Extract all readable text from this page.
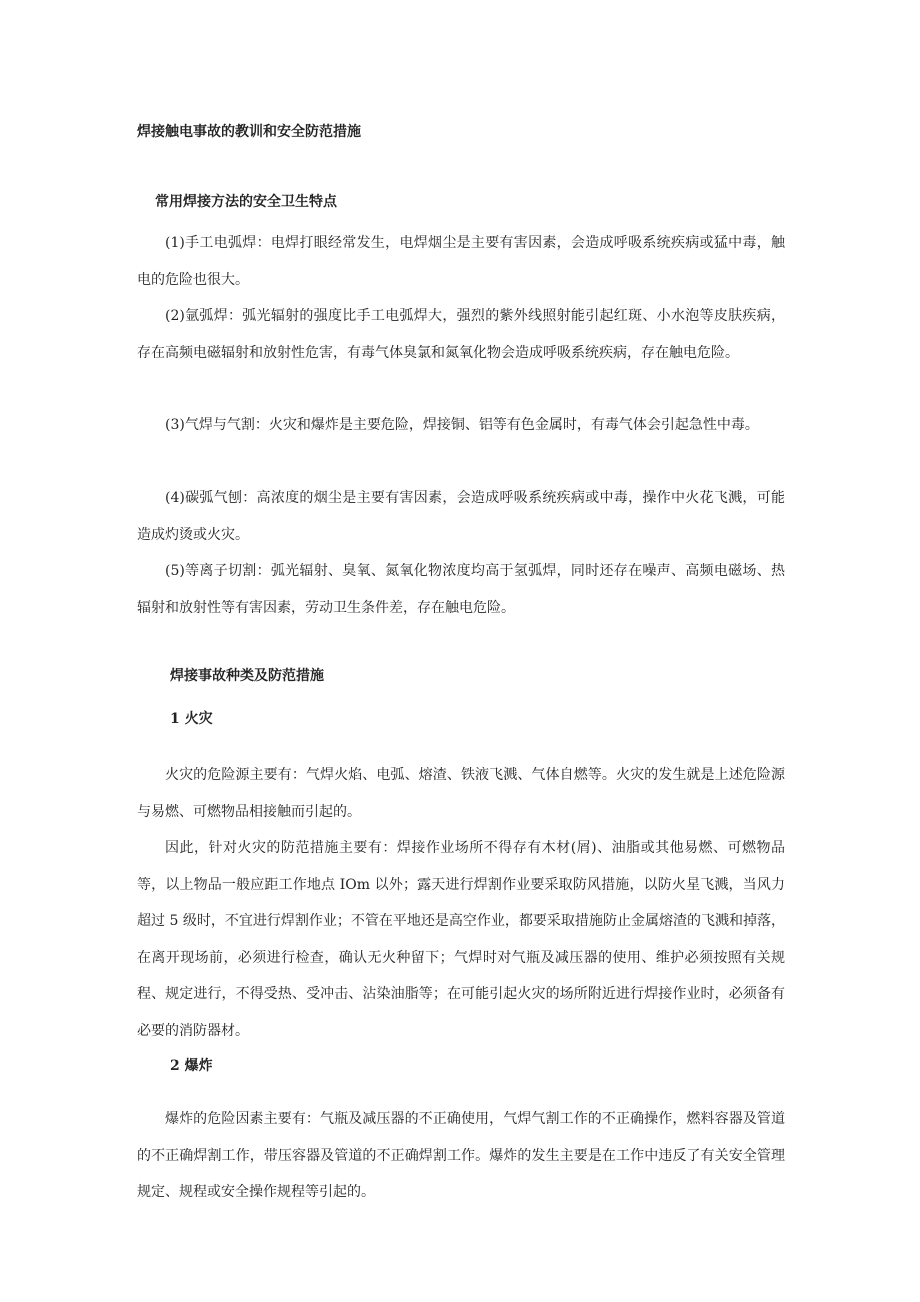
焊接触电事故的教训和安全防范措施
常用焊接方法的安全卫生特点

(1)手工电弧焊：电焊打眼经常发生，电焊烟尘是主要有害因素，会造成呼吸系统疾病或猛中毒，触电的危险也很大。

(2)氩弧焊：弧光辐射的强度比手工电弧焊大，强烈的紫外线照射能引起红斑、小水泡等皮肤疾病，存在高频电磁辐射和放射性危害，有毒气体臭氯和氮氧化物会造成呼吸系统疾病，存在触电危险。

(3)气焊与气割：火灾和爆炸是主要危险，焊接铜、铝等有色金属时，有毒气体会引起急性中毒。

(4)碳弧气刨：高浓度的烟尘是主要有害因素，会造成呼吸系统疾病或中毒，操作中火花飞溅，可能造成灼烫或火灾。

(5)等离子切割：弧光辐射、臭氧、氮氧化物浓度均高于氢弧焊，同时还存在噪声、高频电磁场、热辐射和放射性等有害因素，劳动卫生条件差，存在触电危险。

焊接事故种类及防范措施
1 火灾

火灾的危险源主要有：气焊火焰、电弧、熔渣、铁液飞溅、气体自燃等。火灾的发生就是上述危险源与易燃、可燃物品相接触而引起的。

因此，针对火灾的防范措施主要有：焊接作业场所不得存有木材(屑)、油脂或其他易燃、可燃物品等，以上物品一般应距工作地点 IOm 以外；露天进行焊割作业要采取防风措施，以防火星飞溅，当风力超过 5 级时，不宜进行焊割作业；不管在平地还是高空作业，都要采取措施防止金属熔渣的飞溅和掉落，在离开现场前，必须进行检查，确认无火种留下；气焊时对气瓶及减压器的使用、维护必须按照有关规程、规定进行，不得受热、受冲击、沾染油脂等；在可能引起火灾的场所附近进行焊接作业时，必须备有必要的消防器材。

2 爆炸

爆炸的危险因素主要有：气瓶及减压器的不正确使用，气焊气割工作的不正确操作，燃料容器及管道的不正确焊割工作，带压容器及管道的不正确焊割工作。爆炸的发生主要是在工作中违反了有关安全管理规定、规程或安全操作规程等引起的。
